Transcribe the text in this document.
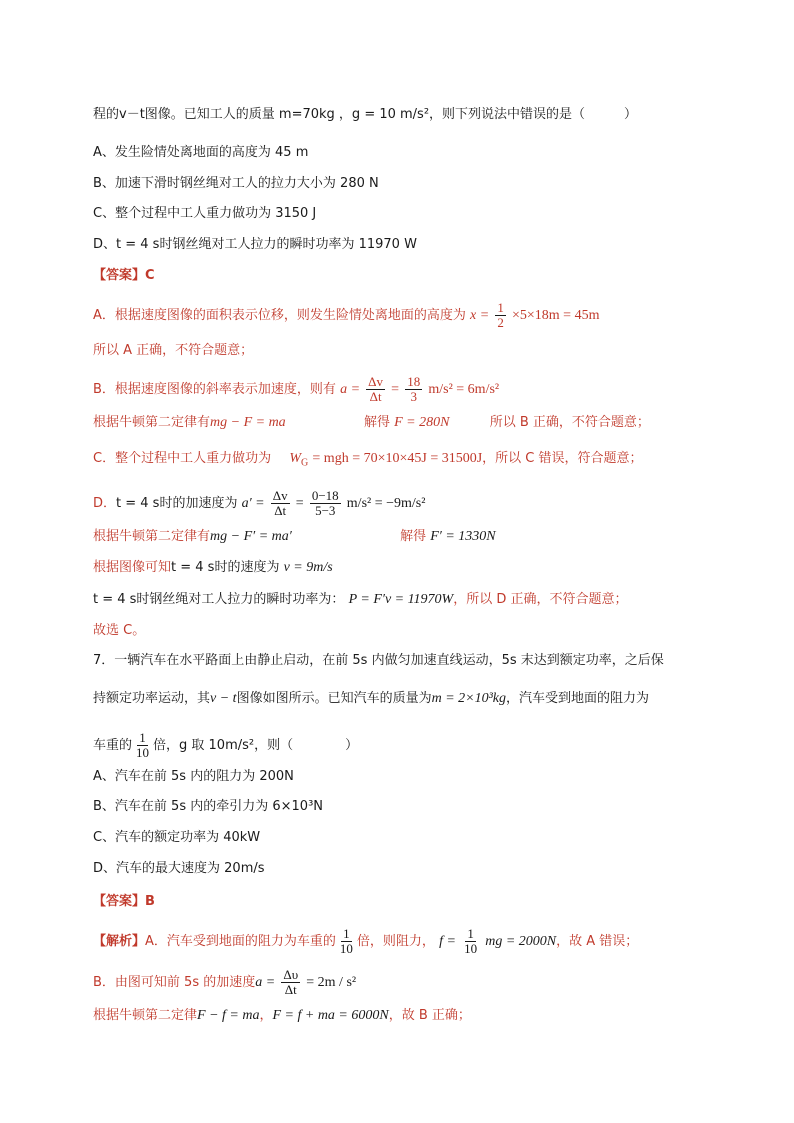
程的v－t图像。已知工人的质量 m=70kg ，g = 10 m/s²，则下列说法中错误的是（　　　）
A、发生险情处离地面的高度为 45 m
B、加速下滑时钢丝绳对工人的拉力大小为 280 N
C、整个过程中工人重力做功为 3150 J
D、t = 4 s时钢丝绳对工人拉力的瞬时功率为 11970 W
【答案】C
A．根据速度图像的面积表示位移，则发生险情处离地面的高度为 $x = \frac{1}{2} \times 5\times 18m = 45m$
所以 A 正确，不符合题意；
B．根据速度图像的斜率表示加速度，则有 $a = \frac{\Delta v}{\Delta t} = \frac{18}{3} m/s^2 = 6m/s^2$
根据牛顿第二定律有mg − F = ma	解得 F = 280N	所以 B 正确，不符合题意；
C．整个过程中工人重力做功为 $W_G$ = mgh = 70×10×45J = 31500J，所以 C 错误，符合题意；
D．t = 4 s时的加速度为 $a' = \frac{\Delta v}{\Delta t} = \frac{0-18}{5-3} m/s^2 = -9m/s^2$
根据牛顿第二定律有mg − F′ = ma′	解得 F′ = 1330N
根据图像可知t = 4 s时的速度为 v = 9m/s
t = 4 s时钢丝绳对工人拉力的瞬时功率为： P = F′v = 11970W，所以 D 正确，不符合题意；
故选 C。
7．一辆汽车在水平路面上由静止启动，在前 5s 内做匀加速直线运动，5s 末达到额定功率，之后保
持额定功率运动，其v − t图像如图所示。已知汽车的质量为m = 2×10³kg，汽车受到地面的阻力为
车重的 $\frac{1}{10}$ 倍，g 取 10m/s²，则（　　　　）
A、汽车在前 5s 内的阻力为 200N
B、汽车在前 5s 内的牵引力为 6×10³N
C、汽车的额定功率为 40kW
D、汽车的最大速度为 20m/s
【答案】B
【解析】A．汽车受到地面的阻力为车重的 $\frac{1}{10}$ 倍，则阻力， $f = \frac{1}{10}$ mg = 2000N，故 A 错误；
B．由图可知前 5s 的加速度$a = \frac{\Delta\upsilon}{\Delta t} = 2m / s^2$
根据牛顿第二定律F − f = ma，F = f + ma = 6000N，故 B 正确；
